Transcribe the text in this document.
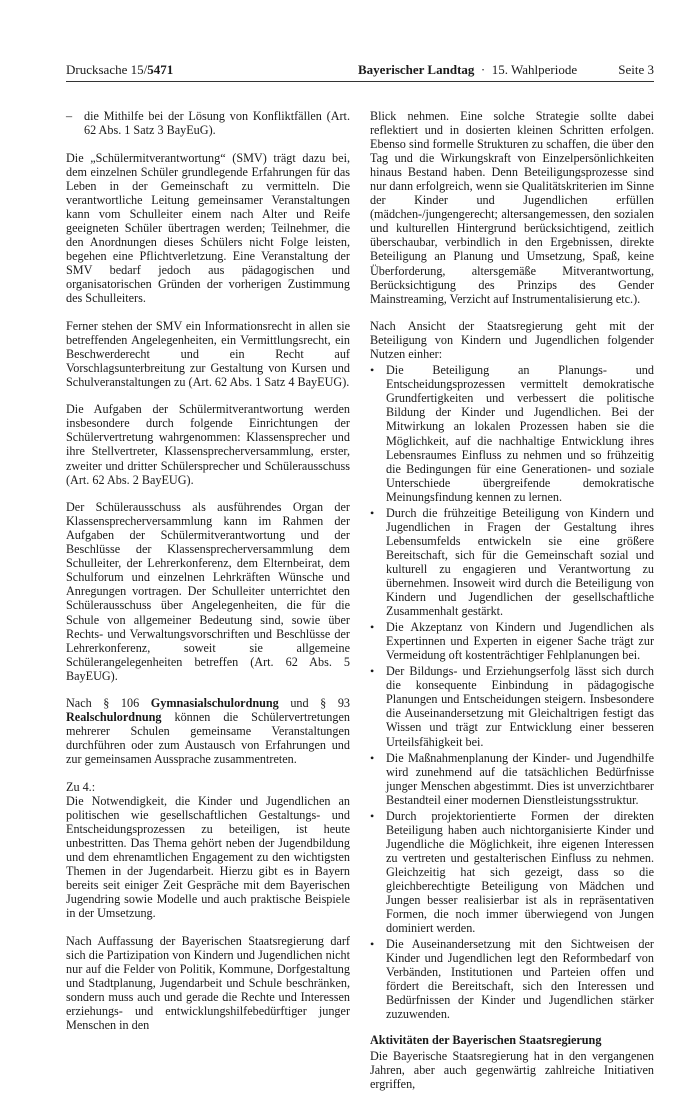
Drucksache 15/5471	Bayerischer Landtag · 15. Wahlperiode	Seite 3
– die Mithilfe bei der Lösung von Konfliktfällen (Art. 62 Abs. 1 Satz 3 BayEuG).

Die „Schülermitverantwortung“ (SMV) trägt dazu bei, dem einzelnen Schüler grundlegende Erfahrungen für das Leben in der Gemeinschaft zu vermitteln. Die verantwortliche Leitung gemeinsamer Veranstaltungen kann vom Schulleiter einem nach Alter und Reife geeigneten Schüler übertragen werden; Teilnehmer, die den Anordnungen dieses Schülers nicht Folge leisten, begehen eine Pflichtverletzung. Eine Veranstaltung der SMV bedarf jedoch aus pädagogischen und organisatorischen Gründen der vorherigen Zustimmung des Schulleiters.

Ferner stehen der SMV ein Informationsrecht in allen sie betreffenden Angelegenheiten, ein Vermittlungsrecht, ein Beschwerderecht und ein Recht auf Vorschlagsunterbreitung zur Gestaltung von Kursen und Schulveranstaltungen zu (Art. 62 Abs. 1 Satz 4 BayEUG).

Die Aufgaben der Schülermitverantwortung werden insbesondere durch folgende Einrichtungen der Schülervertretung wahrgenommen: Klassensprecher und ihre Stellvertreter, Klassensprecherversammlung, erster, zweiter und dritter Schülersprecher und Schülerausschuss (Art. 62 Abs. 2 BayEUG).

Der Schülerausschuss als ausführendes Organ der Klassensprecherversammlung kann im Rahmen der Aufgaben der Schülermitverantwortung und der Beschlüsse der Klassensprecherversammlung dem Schulleiter, der Lehrerkonferenz, dem Elternbeirat, dem Schulforum und einzelnen Lehrkräften Wünsche und Anregungen vortragen. Der Schulleiter unterrichtet den Schülerausschuss über Angelegenheiten, die für die Schule von allgemeiner Bedeutung sind, sowie über Rechts- und Verwaltungsvorschriften und Beschlüsse der Lehrerkonferenz, soweit sie allgemeine Schülerangelegenheiten betreffen (Art. 62 Abs. 5 BayEUG).

Nach § 106 Gymnasialschulordnung und § 93 Realschulordnung können die Schülervertretungen mehrerer Schulen gemeinsame Veranstaltungen durchführen oder zum Austausch von Erfahrungen und zur gemeinsamen Aussprache zusammentreten.

Zu 4.:
Die Notwendigkeit, die Kinder und Jugendlichen an politischen wie gesellschaftlichen Gestaltungs- und Entscheidungsprozessen zu beteiligen, ist heute unbestritten. Das Thema gehört neben der Jugendbildung und dem ehrenamtlichen Engagement zu den wichtigsten Themen in der Jugendarbeit. Hierzu gibt es in Bayern bereits seit einiger Zeit Gespräche mit dem Bayerischen Jugendring sowie Modelle und auch praktische Beispiele in der Umsetzung.

Nach Auffassung der Bayerischen Staatsregierung darf sich die Partizipation von Kindern und Jugendlichen nicht nur auf die Felder von Politik, Kommune, Dorfgestaltung und Stadtplanung, Jugendarbeit und Schule beschränken, sondern muss auch und gerade die Rechte und Interessen erziehungs- und entwicklungshilfebedürftiger junger Menschen in den

Blick nehmen. Eine solche Strategie sollte dabei reflektiert und in dosierten kleinen Schritten erfolgen. Ebenso sind formelle Strukturen zu schaffen, die über den Tag und die Wirkungskraft von Einzelpersönlichkeiten hinaus Bestand haben. Denn Beteiligungsprozesse sind nur dann erfolgreich, wenn sie Qualitätskriterien im Sinne der Kinder und Jugendlichen erfüllen (mädchen-/jungengerecht; altersangemessen, den sozialen und kulturellen Hintergrund berücksichtigend, zeitlich überschaubar, verbindlich in den Ergebnissen, direkte Beteiligung an Planung und Umsetzung, Spaß, keine Überforderung, altersgemäße Mitverantwortung, Berücksichtigung des Prinzips des Gender Mainstreaming, Verzicht auf Instrumentalisierung etc.).

Nach Ansicht der Staatsregierung geht mit der Beteiligung von Kindern und Jugendlichen folgender Nutzen einher:

• Die Beteiligung an Planungs- und Entscheidungsprozessen vermittelt demokratische Grundfertigkeiten und verbessert die politische Bildung der Kinder und Jugendlichen. Bei der Mitwirkung an lokalen Prozessen haben sie die Möglichkeit, auf die nachhaltige Entwicklung ihres Lebensraumes Einfluss zu nehmen und so frühzeitig die Bedingungen für eine Generationen- und soziale Unterschiede übergreifende demokratische Meinungsfindung kennen zu lernen.
• Durch die frühzeitige Beteiligung von Kindern und Jugendlichen in Fragen der Gestaltung ihres Lebensumfelds entwickeln sie eine größere Bereitschaft, sich für die Gemeinschaft sozial und kulturell zu engagieren und Verantwortung zu übernehmen. Insoweit wird durch die Beteiligung von Kindern und Jugendlichen der gesellschaftliche Zusammenhalt gestärkt.
• Die Akzeptanz von Kindern und Jugendlichen als Expertinnen und Experten in eigener Sache trägt zur Vermeidung oft kostenträchtiger Fehlplanungen bei.
• Der Bildungs- und Erziehungserfolg lässt sich durch die konsequente Einbindung in pädagogische Planungen und Entscheidungen steigern. Insbesondere die Auseinandersetzung mit Gleichaltrigen festigt das Wissen und trägt zur Entwicklung einer besseren Urteilsfähigkeit bei.
• Die Maßnahmenplanung der Kinder- und Jugendhilfe wird zunehmend auf die tatsächlichen Bedürfnisse junger Menschen abgestimmt. Dies ist unverzichtbarer Bestandteil einer modernen Dienstleistungsstruktur.
• Durch projektorientierte Formen der direkten Beteiligung haben auch nichtorganisierte Kinder und Jugendliche die Möglichkeit, ihre eigenen Interessen zu vertreten und gestalterischen Einfluss zu nehmen. Gleichzeitig hat sich gezeigt, dass so die gleichberechtigte Beteiligung von Mädchen und Jungen besser realisierbar ist als in repräsentativen Formen, die noch immer überwiegend von Jungen dominiert werden.
• Die Auseinandersetzung mit den Sichtweisen der Kinder und Jugendlichen legt den Reformbedarf von Verbänden, Institutionen und Parteien offen und fördert die Bereitschaft, sich den Interessen und Bedürfnissen der Kinder und Jugendlichen stärker zuzuwenden.

Aktivitäten der Bayerischen Staatsregierung

Die Bayerische Staatsregierung hat in den vergangenen Jahren, aber auch gegenwärtig zahlreiche Initiativen ergriffen,
